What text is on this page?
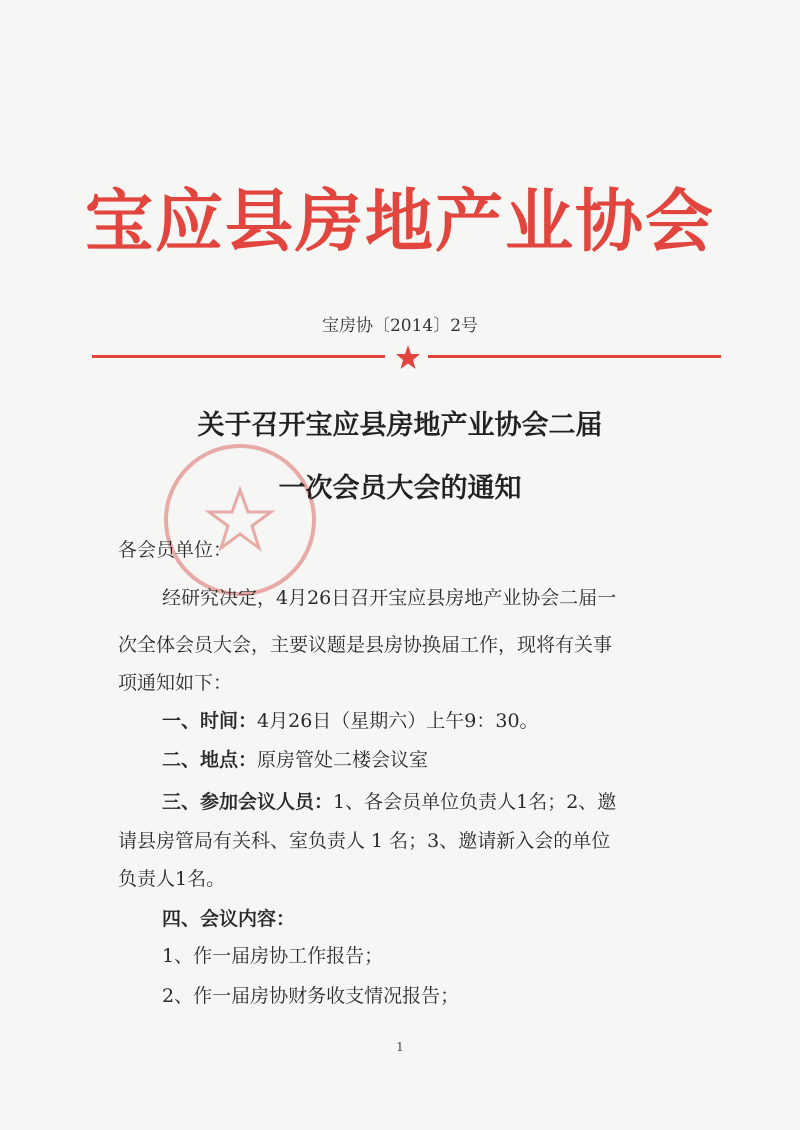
宝应县房地产业协会
宝房协〔2014〕2号
关于召开宝应县房地产业协会二届
一次会员大会的通知
各会员单位：
经研究决定，4月26日召开宝应县房地产业协会二届一
次全体会员大会，主要议题是县房协换届工作，现将有关事
项通知如下：
一、时间：4月26日（星期六）上午9：30。
二、地点：原房管处二楼会议室
三、参加会议人员：1、各会员单位负责人1名；2、邀
请县房管局有关科、室负责人 1 名；3、邀请新入会的单位
负责人1名。
四、会议内容：
1、作一届房协工作报告；
2、作一届房协财务收支情况报告；
1
